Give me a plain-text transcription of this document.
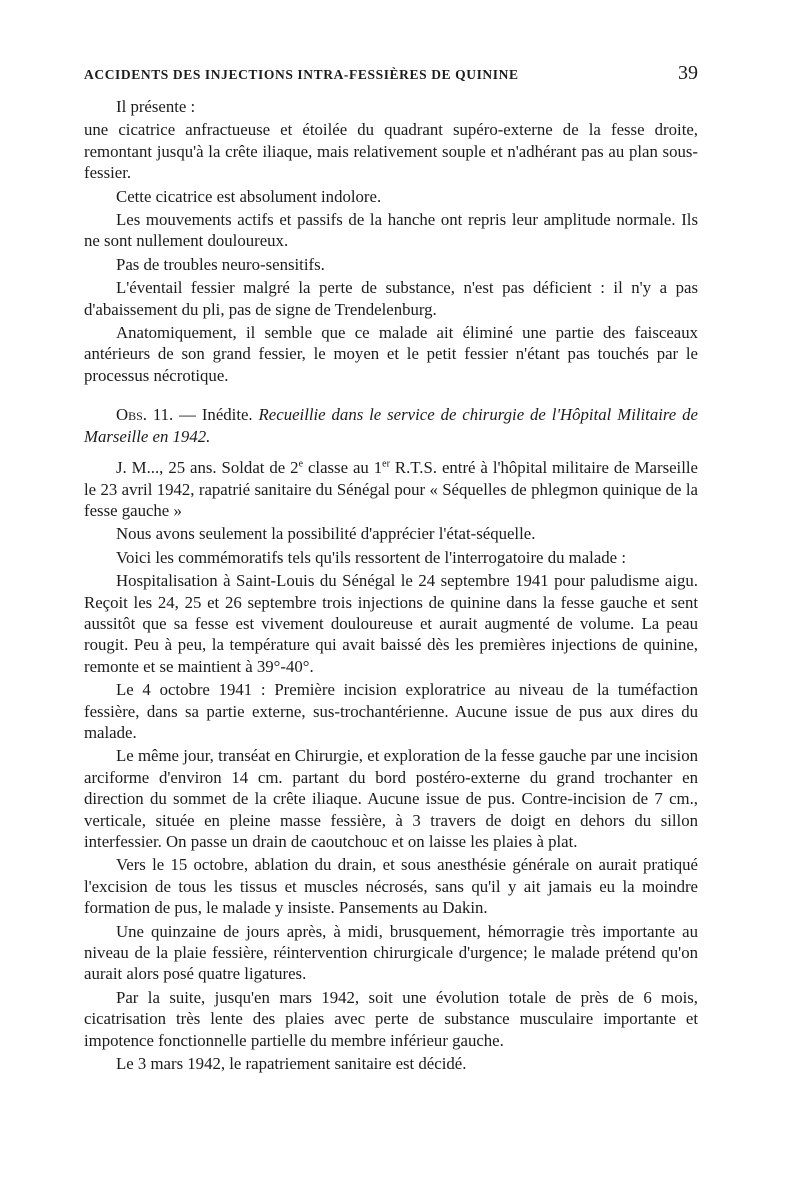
ACCIDENTS DES INJECTIONS INTRA-FESSIÈRES DE QUININE	39

Il présente :

une cicatrice anfractueuse et étoilée du quadrant supéro-externe de la fesse droite, remontant jusqu'à la crête iliaque, mais relativement souple et n'adhérant pas au plan sous-fessier.

Cette cicatrice est absolument indolore.

Les mouvements actifs et passifs de la hanche ont repris leur amplitude normale. Ils ne sont nullement douloureux.

Pas de troubles neuro-sensitifs.

L'éventail fessier malgré la perte de substance, n'est pas déficient : il n'y a pas d'abaissement du pli, pas de signe de Trendelenburg.

Anatomiquement, il semble que ce malade ait éliminé une partie des faisceaux antérieurs de son grand fessier, le moyen et le petit fessier n'étant pas touchés par le processus nécrotique.

Obs. 11. — Inédite. Recueillie dans le service de chirurgie de l'Hôpital Militaire de Marseille en 1942.

J. M..., 25 ans. Soldat de 2e classe au 1er R.T.S. entré à l'hôpital militaire de Marseille le 23 avril 1942, rapatrié sanitaire du Sénégal pour « Séquelles de phlegmon quinique de la fesse gauche »

Nous avons seulement la possibilité d'apprécier l'état-séquelle.

Voici les commémoratifs tels qu'ils ressortent de l'interrogatoire du malade :

Hospitalisation à Saint-Louis du Sénégal le 24 septembre 1941 pour paludisme aigu. Reçoit les 24, 25 et 26 septembre trois injections de quinine dans la fesse gauche et sent aussitôt que sa fesse est vivement douloureuse et aurait augmenté de volume. La peau rougit. Peu à peu, la température qui avait baissé dès les premières injections de quinine, remonte et se maintient à 39°-40°.

Le 4 octobre 1941 : Première incision exploratrice au niveau de la tuméfaction fessière, dans sa partie externe, sus-trochantérienne. Aucune issue de pus aux dires du malade.

Le même jour, transéat en Chirurgie, et exploration de la fesse gauche par une incision arciforme d'environ 14 cm. partant du bord postéro-externe du grand trochanter en direction du sommet de la crête iliaque. Aucune issue de pus. Contre-incision de 7 cm., verticale, située en pleine masse fessière, à 3 travers de doigt en dehors du sillon interfessier. On passe un drain de caoutchouc et on laisse les plaies à plat.

Vers le 15 octobre, ablation du drain, et sous anesthésie générale on aurait pratiqué l'excision de tous les tissus et muscles nécrosés, sans qu'il y ait jamais eu la moindre formation de pus, le malade y insiste. Pansements au Dakin.

Une quinzaine de jours après, à midi, brusquement, hémorragie très importante au niveau de la plaie fessière, réintervention chirurgicale d'urgence; le malade prétend qu'on aurait alors posé quatre ligatures.

Par la suite, jusqu'en mars 1942, soit une évolution totale de près de 6 mois, cicatrisation très lente des plaies avec perte de substance musculaire importante et impotence fonctionnelle partielle du membre inférieur gauche.

Le 3 mars 1942, le rapatriement sanitaire est décidé.
